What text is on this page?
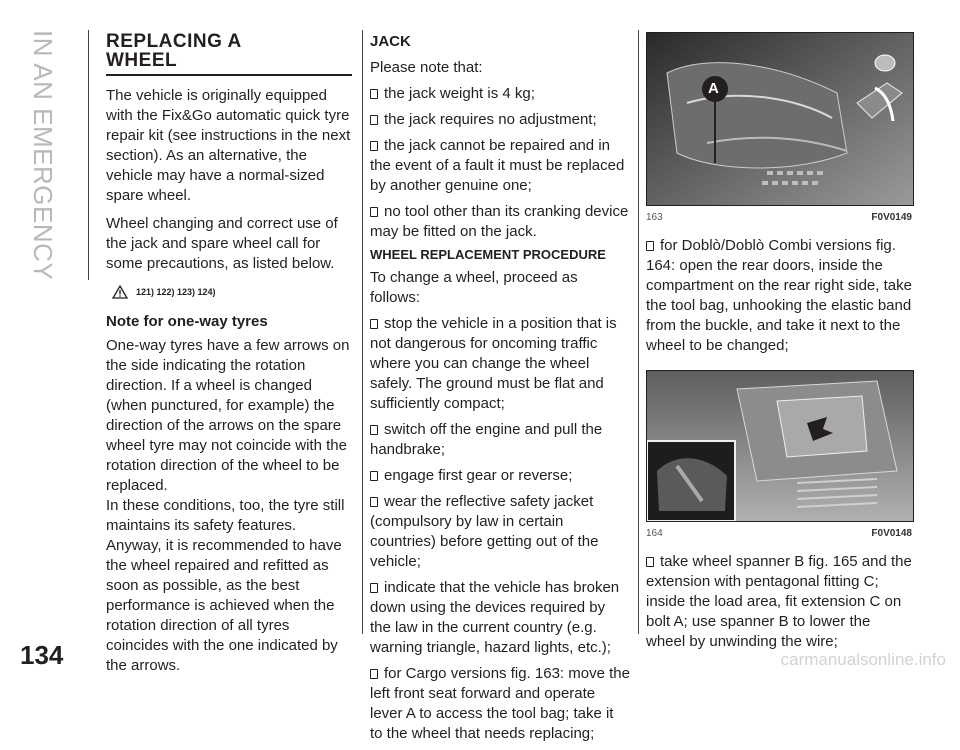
IN AN EMERGENCY	REPLACING A
WHEEL

The vehicle is originally equipped with the Fix&Go automatic quick tyre repair kit (see instructions in the next section). As an alternative, the vehicle may have a normal-sized spare wheel.

Wheel changing and correct use of the jack and spare wheel call for some precautions, as listed below.

121) 122) 123) 124)
Note for one-way tyres

One-way tyres have a few arrows on the side indicating the rotation direction. If a wheel is changed (when punctured, for example) the direction of the arrows on the spare wheel tyre may not coincide with the rotation direction of the wheel to be replaced.
In these conditions, too, the tyre still maintains its safety features.
Anyway, it is recommended to have the wheel repaired and refitted as soon as possible, as the best performance is achieved when the rotation direction of all tyres coincides with the one indicated by the arrows.

JACK

Please note that:

the jack weight is 4 kg;
the jack requires no adjustment;
the jack cannot be repaired and in the event of a fault it must be replaced by another genuine one;
no tool other than its cranking device may be fitted on the jack.
WHEEL REPLACEMENT PROCEDURE

To change a wheel, proceed as follows:

stop the vehicle in a position that is not dangerous for oncoming traffic where you can change the wheel safely. The ground must be flat and sufficiently compact;
switch off the engine and pull the handbrake;
engage first gear or reverse;
wear the reflective safety jacket (compulsory by law in certain countries) before getting out of the vehicle;
indicate that the vehicle has broken down using the devices required by the law in the current country (e.g. warning triangle, hazard lights, etc.);
for Cargo versions fig. 163: move the left front seat forward and operate lever A to access the tool bag; take it to the wheel that needs replacing;
A
163	F0V0149
for Doblò/Doblò Combi versions fig. 164: open the rear doors, inside the compartment on the rear right side, take the tool bag, unhooking the elastic band from the buckle, and take it next to the wheel to be changed;
164	F0V0148
take wheel spanner B fig. 165 and the extension with pentagonal fitting C; inside the load area, fit extension C on bolt A; use spanner B to lower the wheel by unwinding the wire;
134	carmanualsonline.info
